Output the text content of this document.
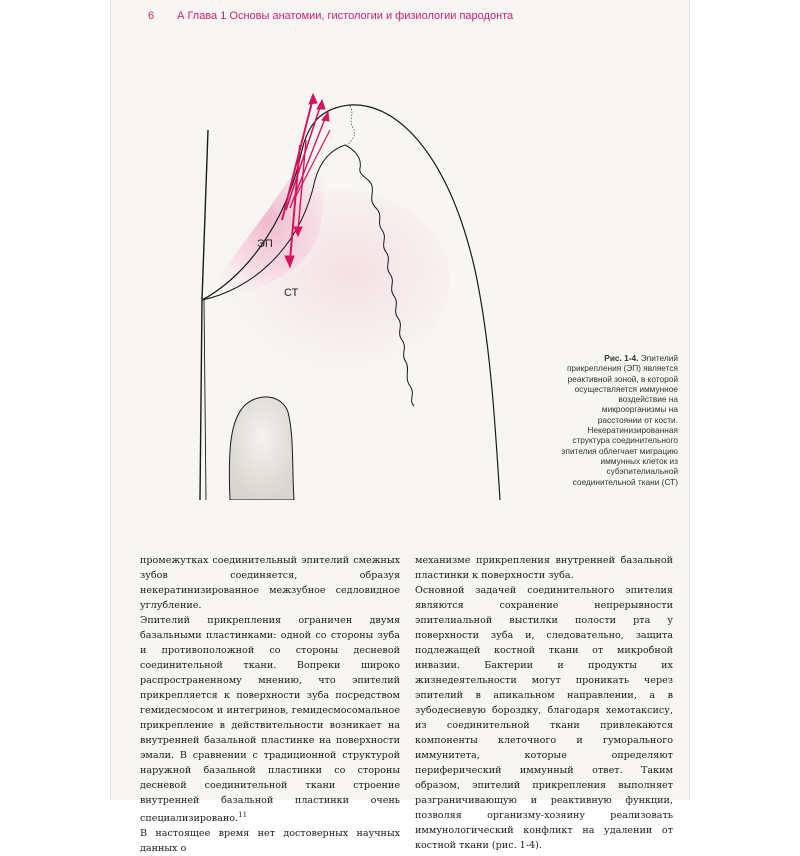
6 А Глава 1 Основы анатомии, гистологии и физиологии пародонта
ЭП
СТ
Рис. 1-4. Эпителий прикрепления (ЭП) является реактивной зоной, в которой осуществляется иммунное воздействие на микроорганизмы на расстоянии от кости. Некератинизированная структура соединительного эпителия облегчает миграцию иммунных клеток из субэпителиальной соединительной ткани (СТ)

промежутках соединительный эпителий смежных зубов соединяется, образуя некератинизированное межзубное седловидное углубление.

Эпителий прикрепления ограничен двумя базальными пластинками: одной со стороны зуба и противоположной со стороны десневой соединительной ткани. Вопреки широко распространенному мнению, что эпителий прикрепляется к поверхности зуба посредством гемидесмосом и интегринов, гемидесмосомальное прикрепление в действительности возникает на внутренней базальной пластинке на поверхности эмали. В сравнении с традиционной структурой наружной базальной пластинки со стороны десневой соединительной ткани строение внутренней базальной пластинки очень специализировано.$^{11}$

В настоящее время нет достоверных научных данных о

механизме прикрепления внутренней базальной пластинки к поверхности зуба.

Основной задачей соединительного эпителия являются сохранение непрерывности эпителиальной выстилки полости рта у поверхности зуба и, следовательно, защита подлежащей костной ткани от микробной инвазии. Бактерии и продукты их жизнедеятельности могут проникать через эпителий в апикальном направлении, а в зубодесневую бороздку, благодаря хемотаксису, из соединительной ткани привлекаются компоненты клеточного и гуморального иммунитета, которые определяют периферический иммунный ответ. Таким образом, эпителий прикрепления выполняет разграничивающую и реактивную функции, позволяя организму-хозяину реализовать иммунологический конфликт на удалении от костной ткани (рис. 1-4).
